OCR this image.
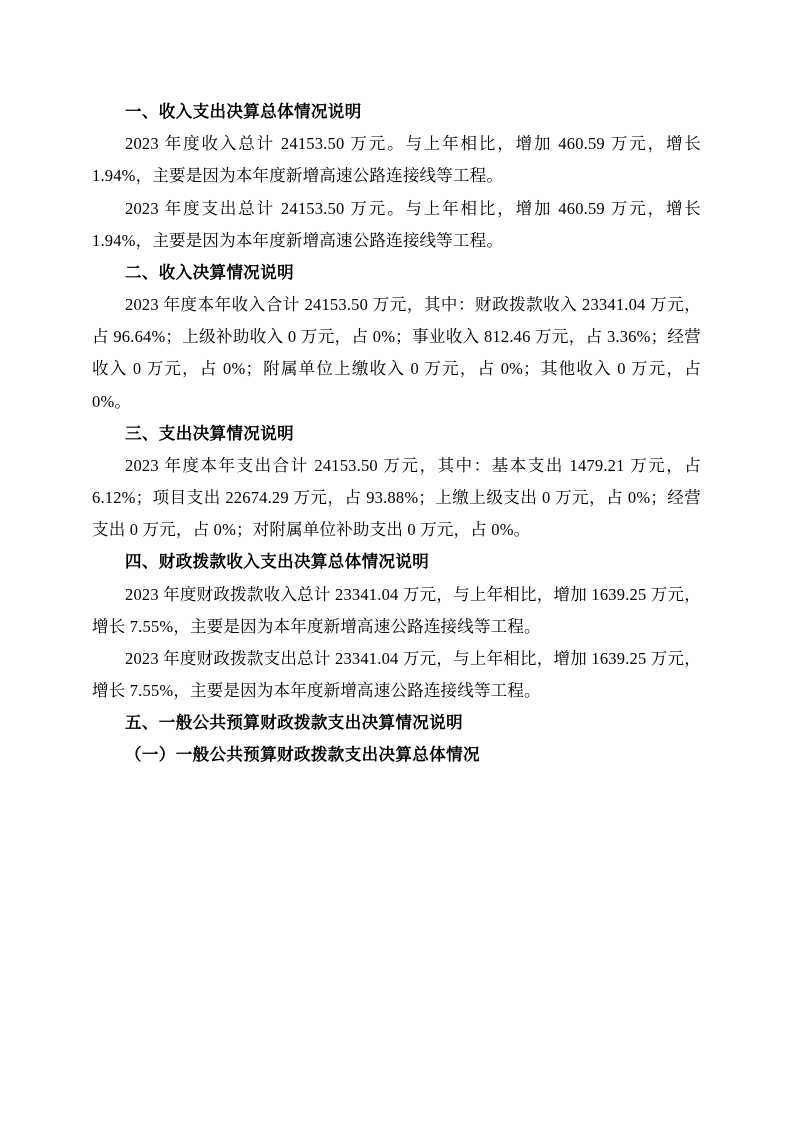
一、收入支出决算总体情况说明

2023 年度收入总计 24153.50 万元。与上年相比，增加 460.59 万元，增长 1.94%，主要是因为本年度新增高速公路连接线等工程。

2023 年度支出总计 24153.50 万元。与上年相比，增加 460.59 万元，增长 1.94%，主要是因为本年度新增高速公路连接线等工程。

二、收入决算情况说明

2023 年度本年收入合计 24153.50 万元，其中：财政拨款收入 23341.04 万元，占 96.64%；上级补助收入 0 万元，占 0%；事业收入 812.46 万元，占 3.36%；经营收入 0 万元，占 0%；附属单位上缴收入 0 万元，占 0%；其他收入 0 万元，占 0%。

三、支出决算情况说明

2023 年度本年支出合计 24153.50 万元，其中：基本支出 1479.21 万元，占 6.12%；项目支出 22674.29 万元，占 93.88%；上缴上级支出 0 万元，占 0%；经营支出 0 万元，占 0%；对附属单位补助支出 0 万元，占 0%。

四、财政拨款收入支出决算总体情况说明

2023 年度财政拨款收入总计 23341.04 万元，与上年相比，增加 1639.25 万元，增长 7.55%，主要是因为本年度新增高速公路连接线等工程。

2023 年度财政拨款支出总计 23341.04 万元，与上年相比，增加 1639.25 万元，增长 7.55%，主要是因为本年度新增高速公路连接线等工程。

五、一般公共预算财政拨款支出决算情况说明

（一）一般公共预算财政拨款支出决算总体情况
